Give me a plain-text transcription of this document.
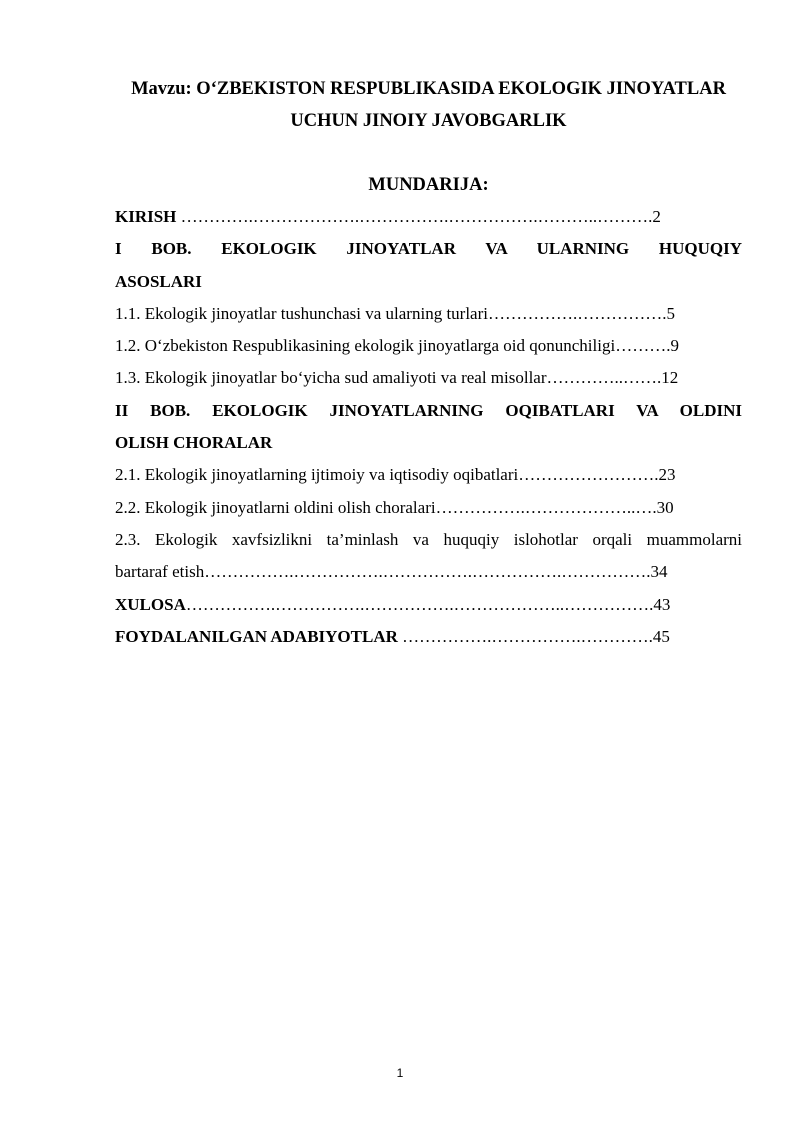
Mavzu: O‘ZBEKISTON RESPUBLIKASIDA EKOLOGIK JINOYATLAR
UCHUN JINOIY JAVOBGARLIK
MUNDARIJA:
KIRISH ………….……………….…………….…………….………..……….2
I BOB. EKOLOGIK JINOYATLAR VA ULARNING HUQUQIY
ASOSLARI
1.1. Ekologik jinoyatlar tushunchasi va ularning turlari…………….…………….5
1.2. O‘zbekiston Respublikasining ekologik jinoyatlarga oid qonunchiligi……….9
1.3. Ekologik jinoyatlar bo‘yicha sud amaliyoti va real misollar…………..…….12
II BOB. EKOLOGIK JINOYATLARNING OQIBATLARI VA OLDINI
OLISH CHORALAR
2.1. Ekologik jinoyatlarning ijtimoiy va iqtisodiy oqibatlari…………………….23
2.2. Ekologik jinoyatlarni oldini olish choralari…………….………………..….30
2.3. Ekologik xavfsizlikni ta’minlash va huquqiy islohotlar orqali muammolarni
bartaraf etish…………….…………….…………….…………….…………….34
XULOSA…………….…………….…………….………………..…………….43
FOYDALANILGAN ADABIYOTLAR …………….…………….………….45
1
